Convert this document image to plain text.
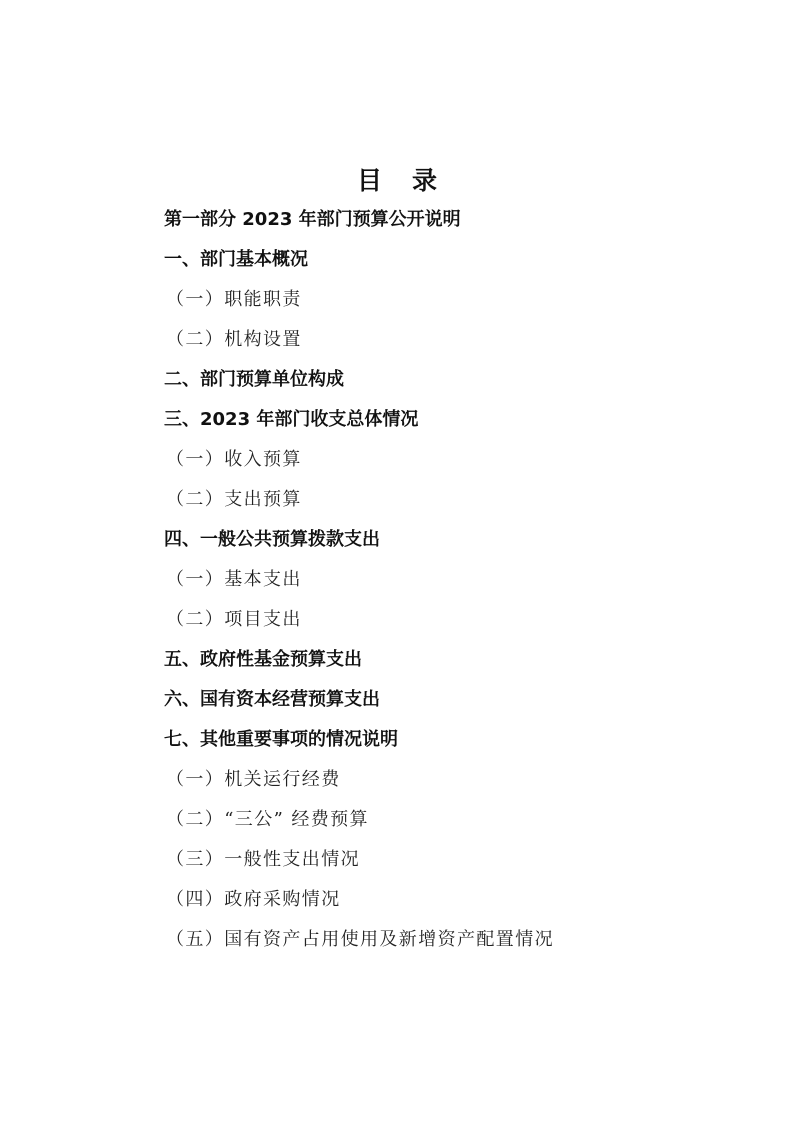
目 录
第一部分 2023 年部门预算公开说明
一、部门基本概况
（一）职能职责
（二）机构设置
二、部门预算单位构成
三、2023 年部门收支总体情况
（一）收入预算
（二）支出预算
四、一般公共预算拨款支出
（一）基本支出
（二）项目支出
五、政府性基金预算支出
六、国有资本经营预算支出
七、其他重要事项的情况说明
（一）机关运行经费
（二）“三公” 经费预算
（三）一般性支出情况
（四）政府采购情况
（五）国有资产占用使用及新增资产配置情况
